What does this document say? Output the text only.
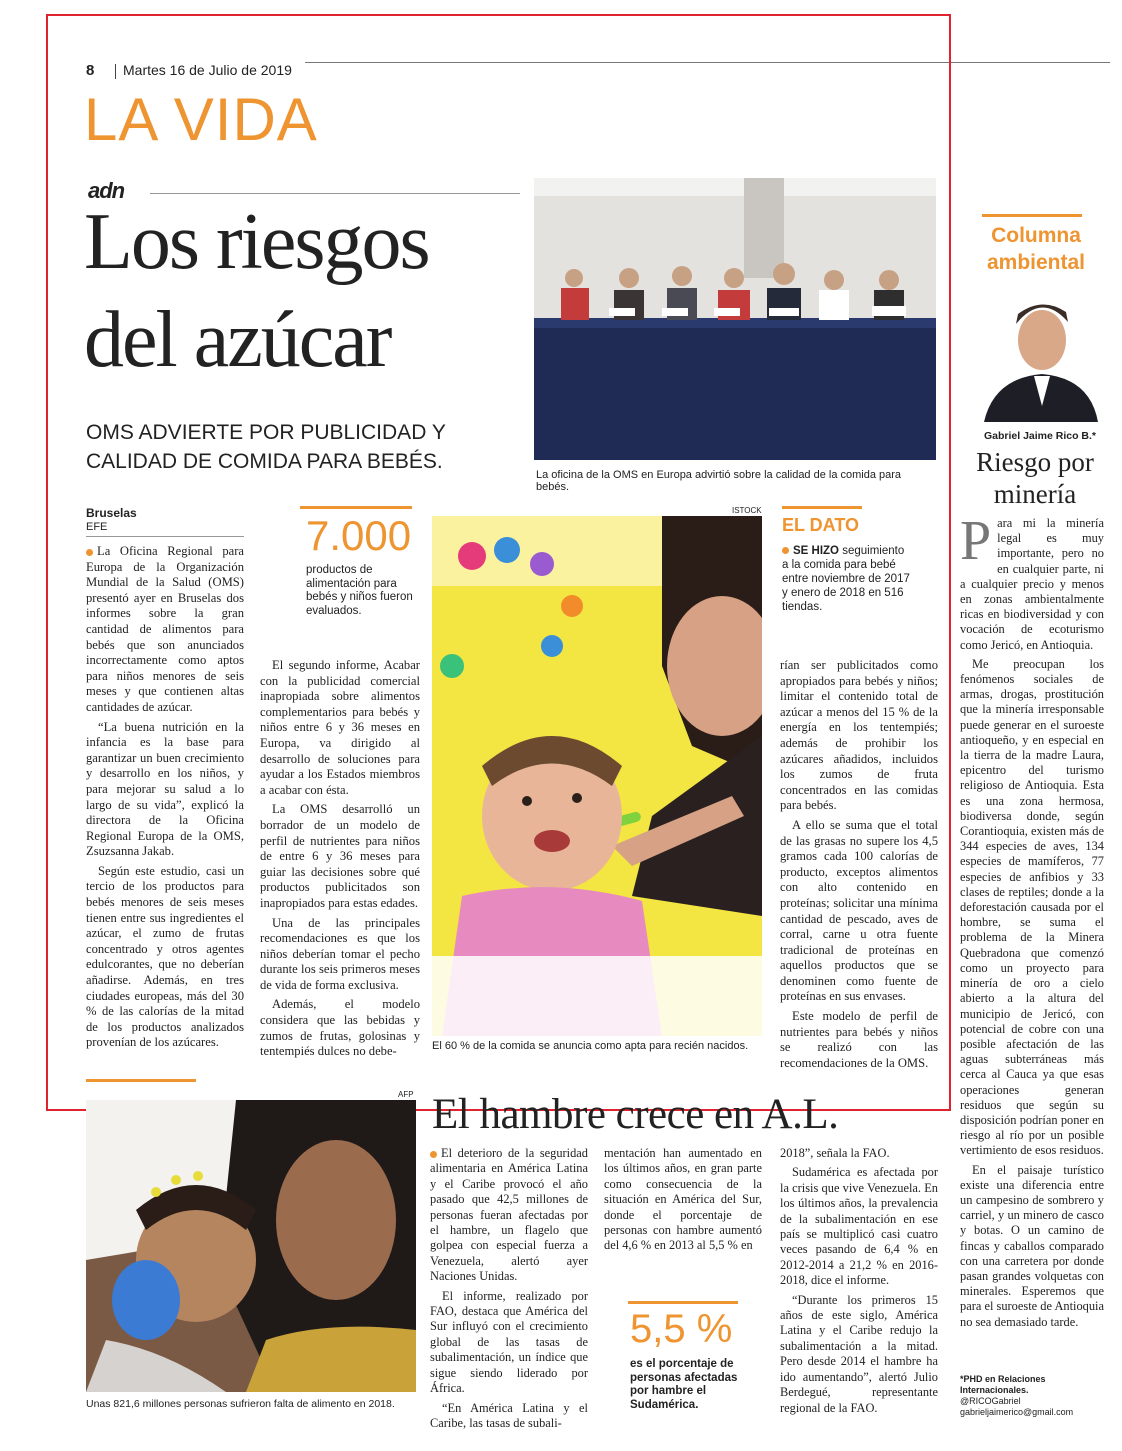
8 Martes 16 de Julio de 2019
LA VIDA
adn
Los riesgos
del azúcar
OMS ADVIERTE POR PUBLICIDAD Y
CALIDAD DE COMIDA PARA BEBÉS.
La oficina de la OMS en Europa advirtió sobre la calidad de la comida para bebés.
Bruselas
EFE

La Oficina Regional para Europa de la Organización Mundial de la Salud (OMS) presentó ayer en Bruselas dos informes sobre la gran cantidad de alimentos para bebés que son anunciados incorrectamente como aptos para niños menores de seis meses y que contienen altas cantidades de azúcar.

“La buena nutrición en la infancia es la base para garantizar un buen crecimiento y desarrollo en los niños, y para mejorar su salud a lo largo de su vida”, explicó la directora de la Oficina Regional Europa de la OMS, Zsuzsanna Jakab.

Según este estudio, casi un tercio de los productos para bebés menores de seis meses tienen entre sus ingredientes el azúcar, el zumo de frutas concentrado y otros agentes edulcorantes, que no deberían añadirse. Además, en tres ciudades europeas, más del 30 % de las calorías de la mitad de los productos analizados provenían de los azúcares.

7.000
productos de alimentación para bebés y niños fueron evaluados.

El segundo informe, Acabar con la publicidad comercial inapropiada sobre alimentos complementarios para bebés y niños entre 6 y 36 meses en Europa, va dirigido al desarrollo de soluciones para ayudar a los Estados miembros a acabar con ésta.

La OMS desarrolló un borrador de un modelo de perfil de nutrientes para niños de entre 6 y 36 meses para guiar las decisiones sobre qué productos publicitados son inapropiados para estas edades.

Una de las principales recomendaciones es que los niños deberían tomar el pecho durante los seis primeros meses de vida de forma exclusiva.

Además, el modelo considera que las bebidas y zumos de frutas, golosinas y tentempiés dulces no debe-

ISTOCK
El 60 % de la comida se anuncia como apta para recién nacidos.
EL DATO
SE HIZO seguimiento a la comida para bebé entre noviembre de 2017 y enero de 2018 en 516 tiendas.

rían ser publicitados como apropiados para bebés y niños; limitar el contenido total de azúcar a menos del 15 % de la energía en los tentempiés; además de prohibir los azúcares añadidos, incluidos los zumos de fruta concentrados en las comidas para bebés.

A ello se suma que el total de las grasas no supere los 4,5 gramos cada 100 calorías de producto, exceptos alimentos con alto contenido en proteínas; solicitar una mínima cantidad de pescado, aves de corral, carne u otra fuente tradicional de proteínas en aquellos productos que se denominen como fuente de proteínas en sus envases.

Este modelo de perfil de nutrientes para bebés y niños se realizó con las recomendaciones de la OMS.

Columna
ambiental
Gabriel Jaime Rico B.*
Riesgo por
minería

Para mi la minería legal es muy importante, pero no en cualquier parte, ni a cualquier precio y menos en zonas ambientalmente ricas en biodiversidad y con vocación de ecoturismo como Jericó, en Antioquia.

Me preocupan los fenómenos sociales de armas, drogas, prostitución que la minería irresponsable puede generar en el suroeste antioqueño, y en especial en la tierra de la madre Laura, epicentro del turismo religioso de Antioquia. Esta es una zona hermosa, biodiversa donde, según Corantioquia, existen más de 344 especies de aves, 134 especies de mamíferos, 77 especies de anfibios y 33 clases de reptiles; donde a la deforestación causada por el hombre, se suma el problema de la Minera Quebradona que comenzó como un proyecto para minería de oro a cielo abierto a la altura del municipio de Jericó, con potencial de cobre con una posible afectación de las aguas subterráneas más cerca al Cauca ya que esas operaciones generan residuos que según su disposición podrían poner en riesgo al río por un posible vertimiento de esos residuos.

En el paisaje turístico existe una diferencia entre un campesino de sombrero y carriel, y un minero de casco y botas. O un camino de fincas y caballos comparado con una carretera por donde pasan grandes volquetas con minerales. Esperemos que para el suroeste de Antioquia no sea demasiado tarde.

*PHD en Relaciones
Internacionales.
@RICOGabriel
gabrieljaimerico@gmail.com
AFP
Unas 821,6 millones personas sufrieron falta de alimento en 2018.
El hambre crece en A.L.

El deterioro de la seguridad alimentaria en América Latina y el Caribe provocó el año pasado que 42,5 millones de personas fueran afectadas por el hambre, un flagelo que golpea con especial fuerza a Venezuela, alertó ayer Naciones Unidas.

El informe, realizado por FAO, destaca que América del Sur influyó con el crecimiento global de las tasas de subalimentación, un índice que sigue siendo liderado por África.

“En América Latina y el Caribe, las tasas de subali-

mentación han aumentado en los últimos años, en gran parte como consecuencia de la situación en América del Sur, donde el porcentaje de personas con hambre aumentó del 4,6 % en 2013 al 5,5 % en

5,5 %
es el porcentaje de personas afectadas por hambre el Sudamérica.

2018”, señala la FAO.

Sudamérica es afectada por la crisis que vive Venezuela. En los últimos años, la prevalencia de la subalimentación en ese país se multiplicó casi cuatro veces pasando de 6,4 % en 2012-2014 a 21,2 % en 2016-2018, dice el informe.

“Durante los primeros 15 años de este siglo, América Latina y el Caribe redujo la subalimentación a la mitad. Pero desde 2014 el hambre ha ido aumentando”, alertó Julio Berdegué, representante regional de la FAO.
